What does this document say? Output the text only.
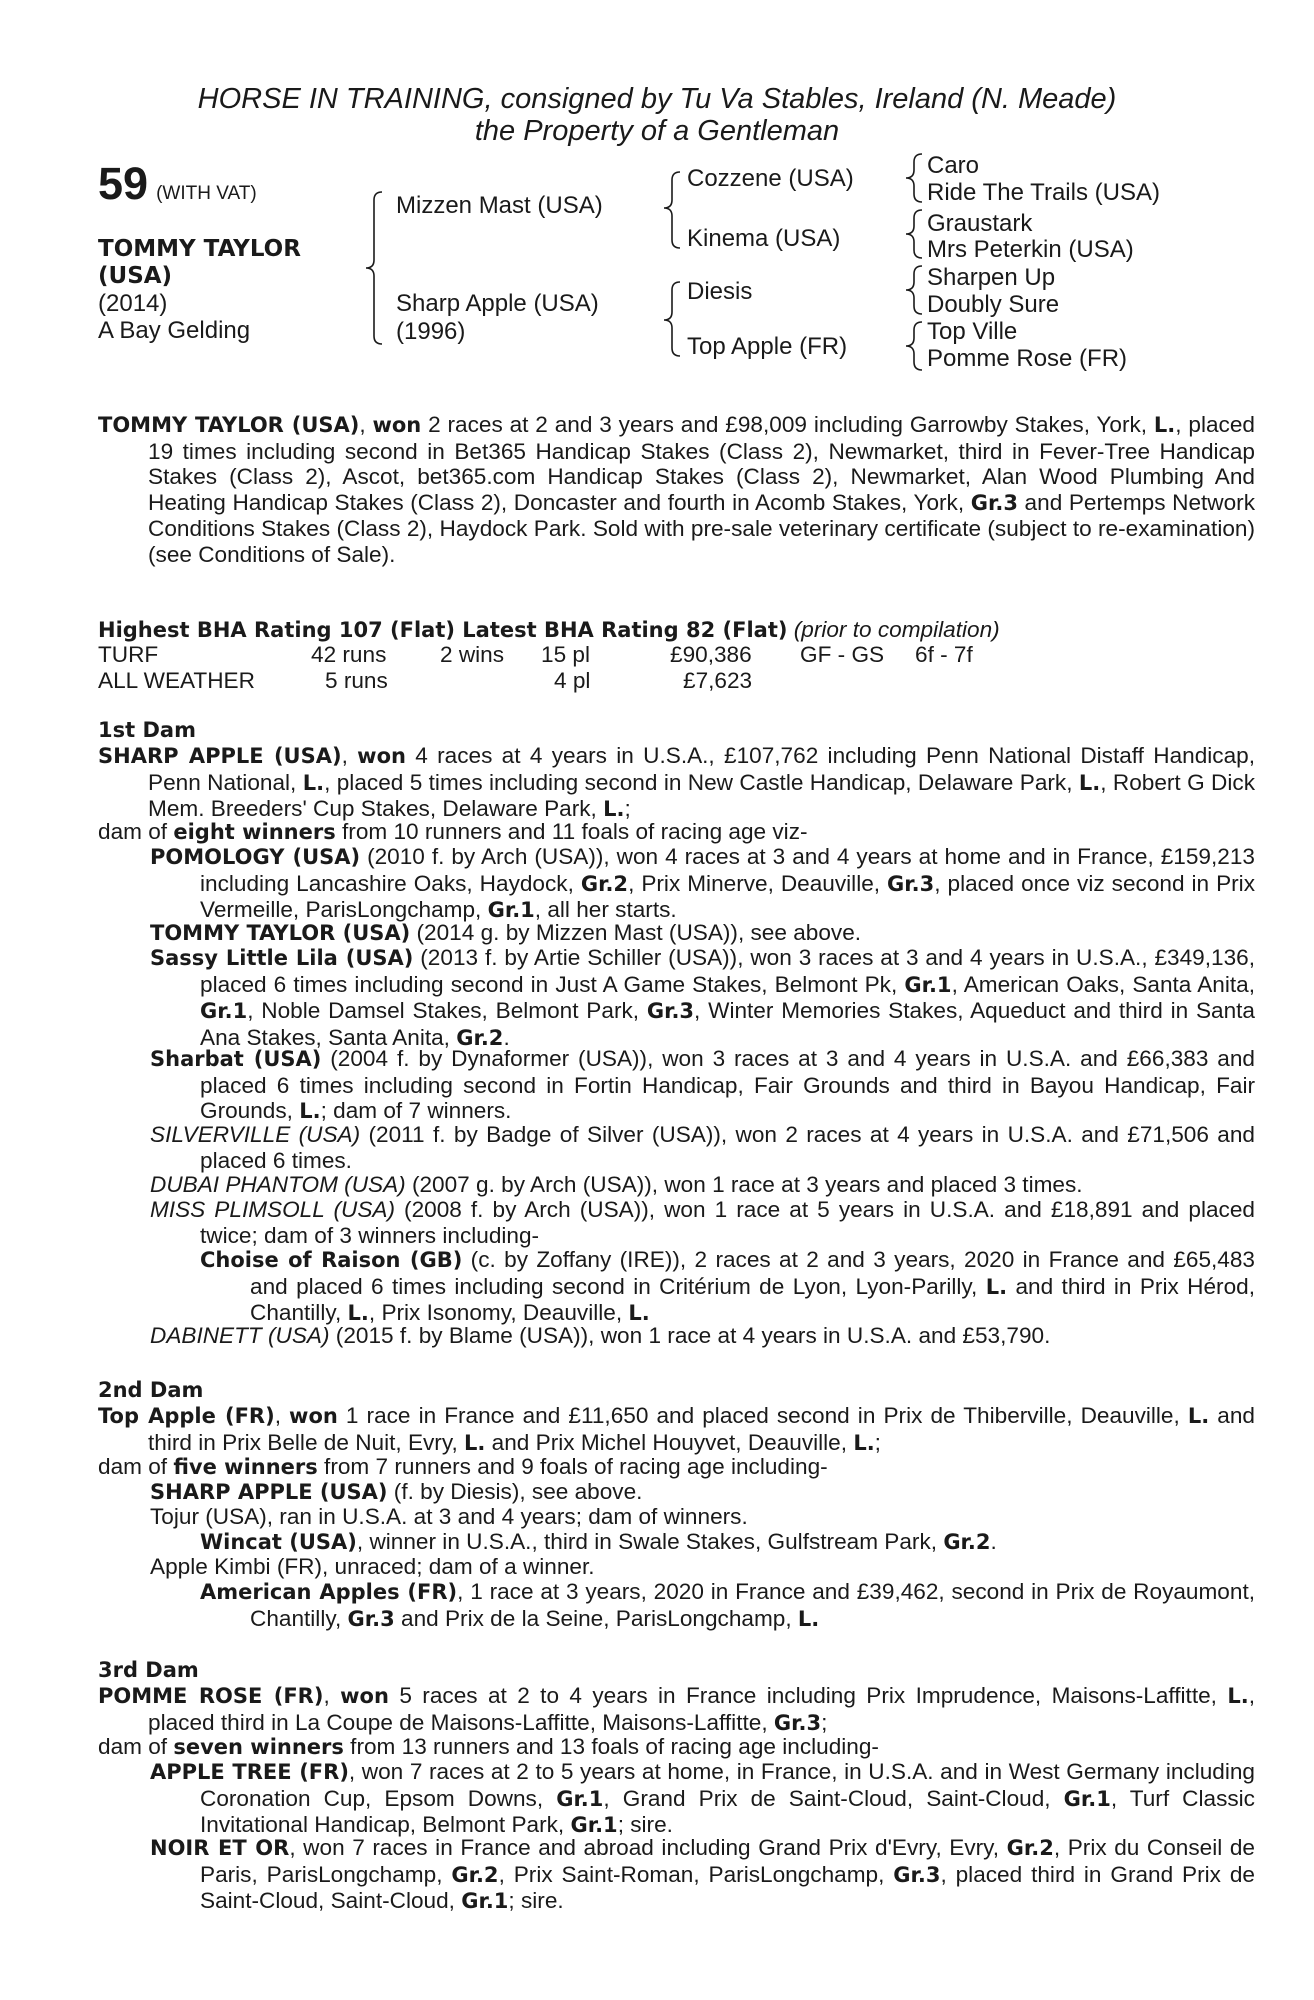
HORSE IN TRAINING, consigned by Tu Va Stables, Ireland (N. Meade)
the Property of a Gentleman
59 (WITH VAT)
TOMMY TAYLOR
(USA)
(2014)
A Bay Gelding
Mizzen Mast (USA)
Sharp Apple (USA)
(1996)
Cozzene (USA)
Kinema (USA)
Diesis
Top Apple (FR)
Caro
Ride The Trails (USA)
Graustark
Mrs Peterkin (USA)
Sharpen Up
Doubly Sure
Top Ville
Pomme Rose (FR)
TOMMY TAYLOR (USA), won 2 races at 2 and 3 years and £98,009 including Garrowby Stakes, York, L., placed 19 times including second in Bet365 Handicap Stakes (Class 2), Newmarket, third in Fever-Tree Handicap Stakes (Class 2), Ascot, bet365.com Handicap Stakes (Class 2), Newmarket, Alan Wood Plumbing And Heating Handicap Stakes (Class 2), Doncaster and fourth in Acomb Stakes, York, Gr.3 and Pertemps Network Conditions Stakes (Class 2), Haydock Park. Sold with pre-sale veterinary certificate (subject to re-examination) (see Conditions of Sale).
Highest BHA Rating 107 (Flat) Latest BHA Rating 82 (Flat) (prior to compilation)
TURF	42 runs 2 wins 15 pl	£90,386 GF - GS 6f - 7f
ALL WEATHER	5 runs	4 pl	£7,623
1st Dam
SHARP APPLE (USA), won 4 races at 4 years in U.S.A., £107,762 including Penn National Distaff Handicap, Penn National, L., placed 5 times including second in New Castle Handicap, Delaware Park, L., Robert G Dick Mem. Breeders' Cup Stakes, Delaware Park, L.;
dam of eight winners from 10 runners and 11 foals of racing age viz-
POMOLOGY (USA) (2010 f. by Arch (USA)), won 4 races at 3 and 4 years at home and in France, £159,213 including Lancashire Oaks, Haydock, Gr.2, Prix Minerve, Deauville, Gr.3, placed once viz second in Prix Vermeille, ParisLongchamp, Gr.1, all her starts.
TOMMY TAYLOR (USA) (2014 g. by Mizzen Mast (USA)), see above.
Sassy Little Lila (USA) (2013 f. by Artie Schiller (USA)), won 3 races at 3 and 4 years in U.S.A., £349,136, placed 6 times including second in Just A Game Stakes, Belmont Pk, Gr.1, American Oaks, Santa Anita, Gr.1, Noble Damsel Stakes, Belmont Park, Gr.3, Winter Memories Stakes, Aqueduct and third in Santa Ana Stakes, Santa Anita, Gr.2.
Sharbat (USA) (2004 f. by Dynaformer (USA)), won 3 races at 3 and 4 years in U.S.A. and £66,383 and placed 6 times including second in Fortin Handicap, Fair Grounds and third in Bayou Handicap, Fair Grounds, L.; dam of 7 winners.
SILVERVILLE (USA) (2011 f. by Badge of Silver (USA)), won 2 races at 4 years in U.S.A. and £71,506 and placed 6 times.
DUBAI PHANTOM (USA) (2007 g. by Arch (USA)), won 1 race at 3 years and placed 3 times.
MISS PLIMSOLL (USA) (2008 f. by Arch (USA)), won 1 race at 5 years in U.S.A. and £18,891 and placed twice; dam of 3 winners including-
Choise of Raison (GB) (c. by Zoffany (IRE)), 2 races at 2 and 3 years, 2020 in France and £65,483 and placed 6 times including second in Critérium de Lyon, Lyon-Parilly, L. and third in Prix Hérod, Chantilly, L., Prix Isonomy, Deauville, L.
DABINETT (USA) (2015 f. by Blame (USA)), won 1 race at 4 years in U.S.A. and £53,790.
2nd Dam
Top Apple (FR), won 1 race in France and £11,650 and placed second in Prix de Thiberville, Deauville, L. and third in Prix Belle de Nuit, Evry, L. and Prix Michel Houyvet, Deauville, L.;
dam of five winners from 7 runners and 9 foals of racing age including-
SHARP APPLE (USA) (f. by Diesis), see above.
Tojur (USA), ran in U.S.A. at 3 and 4 years; dam of winners.
Wincat (USA), winner in U.S.A., third in Swale Stakes, Gulfstream Park, Gr.2.
Apple Kimbi (FR), unraced; dam of a winner.
American Apples (FR), 1 race at 3 years, 2020 in France and £39,462, second in Prix de Royaumont, Chantilly, Gr.3 and Prix de la Seine, ParisLongchamp, L.
3rd Dam
POMME ROSE (FR), won 5 races at 2 to 4 years in France including Prix Imprudence, Maisons-Laffitte, L., placed third in La Coupe de Maisons-Laffitte, Maisons-Laffitte, Gr.3;
dam of seven winners from 13 runners and 13 foals of racing age including-
APPLE TREE (FR), won 7 races at 2 to 5 years at home, in France, in U.S.A. and in West Germany including Coronation Cup, Epsom Downs, Gr.1, Grand Prix de Saint-Cloud, Saint-Cloud, Gr.1, Turf Classic Invitational Handicap, Belmont Park, Gr.1; sire.
NOIR ET OR, won 7 races in France and abroad including Grand Prix d'Evry, Evry, Gr.2, Prix du Conseil de Paris, ParisLongchamp, Gr.2, Prix Saint-Roman, ParisLongchamp, Gr.3, placed third in Grand Prix de Saint-Cloud, Saint-Cloud, Gr.1; sire.
